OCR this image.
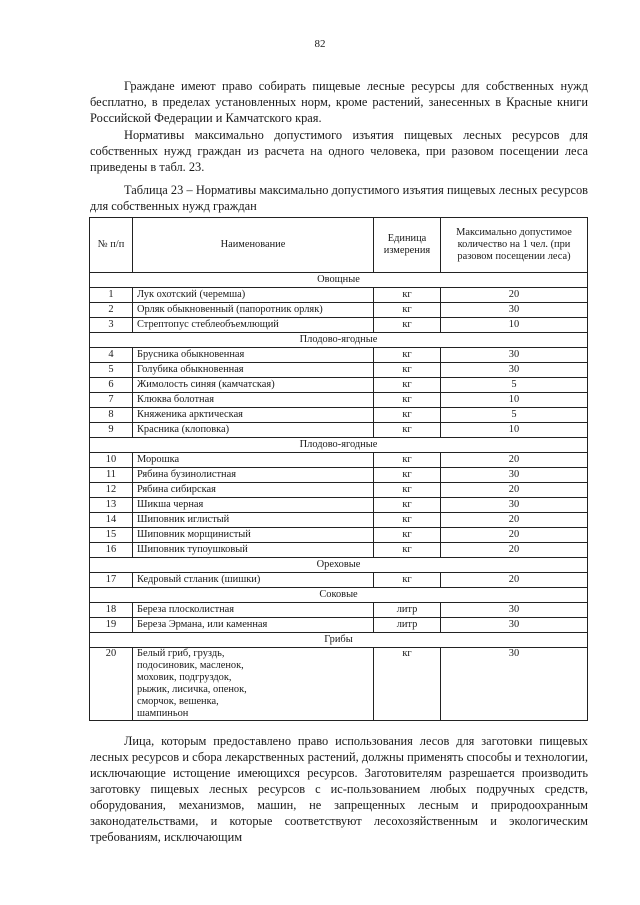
82

Граждане имеют право собирать пищевые лесные ресурсы для собственных нужд бесплатно, в пределах установленных норм, кроме растений, занесенных в Красные книги Российской Федерации и Камчатского края.

Нормативы максимально допустимого изъятия пищевых лесных ресурсов для собственных нужд граждан из расчета на одного человека, при разовом посещении леса приведены в табл. 23.

Таблица 23 – Нормативы максимально допустимого изъятия пищевых лесных ресурсов для собственных нужд граждан

№ п/п	Наименование	Единица измерения	Максимально допустимое количество на 1 чел. (при разовом посещении леса)
Овощные			
1	Лук охотский (черемша)	кг	20
2	Орляк обыкновенный (папоротник орляк)	кг	30
3	Стрептопус стеблеобъемлющий	кг	10
Плодово-ягодные			
4	Брусника обыкновенная	кг	30
5	Голубика обыкновенная	кг	30
6	Жимолость синяя (камчатская)	кг	5
7	Клюква болотная	кг	10
8	Княженика арктическая	кг	5
9	Красника (клоповка)	кг	10
Плодово-ягодные			
10	Морошка	кг	20
11	Рябина бузинолистная	кг	30
12	Рябина сибирская	кг	20
13	Шикша черная	кг	30
14	Шиповник иглистый	кг	20
15	Шиповник морщинистый	кг	20
16	Шиповник тупоушковый	кг	20
Ореховые			
17	Кедровый стланик (шишки)	кг	20
Соковые			
18	Береза плосколистная	литр	30
19	Береза Эрмана, или каменная	литр	30
Грибы			
20	Белый гриб, груздь, подосиновик, масленок, моховик, подгруздок, рыжик, лисичка, опенок, сморчок, вешенка, шампиньон	кг	30

Лица, которым предоставлено право использования лесов для заготовки пищевых лесных ресурсов и сбора лекарственных растений, должны применять способы и технологии, исключающие истощение имеющихся ресурсов. Заготовителям разрешается производить заготовку пищевых лесных ресурсов с ис-пользованием любых подручных средств, оборудования, механизмов, машин, не запрещенных лесным и природоохранным законодательствами, и которые соответствуют лесохозяйственным и экологическим требованиям, исключающим
